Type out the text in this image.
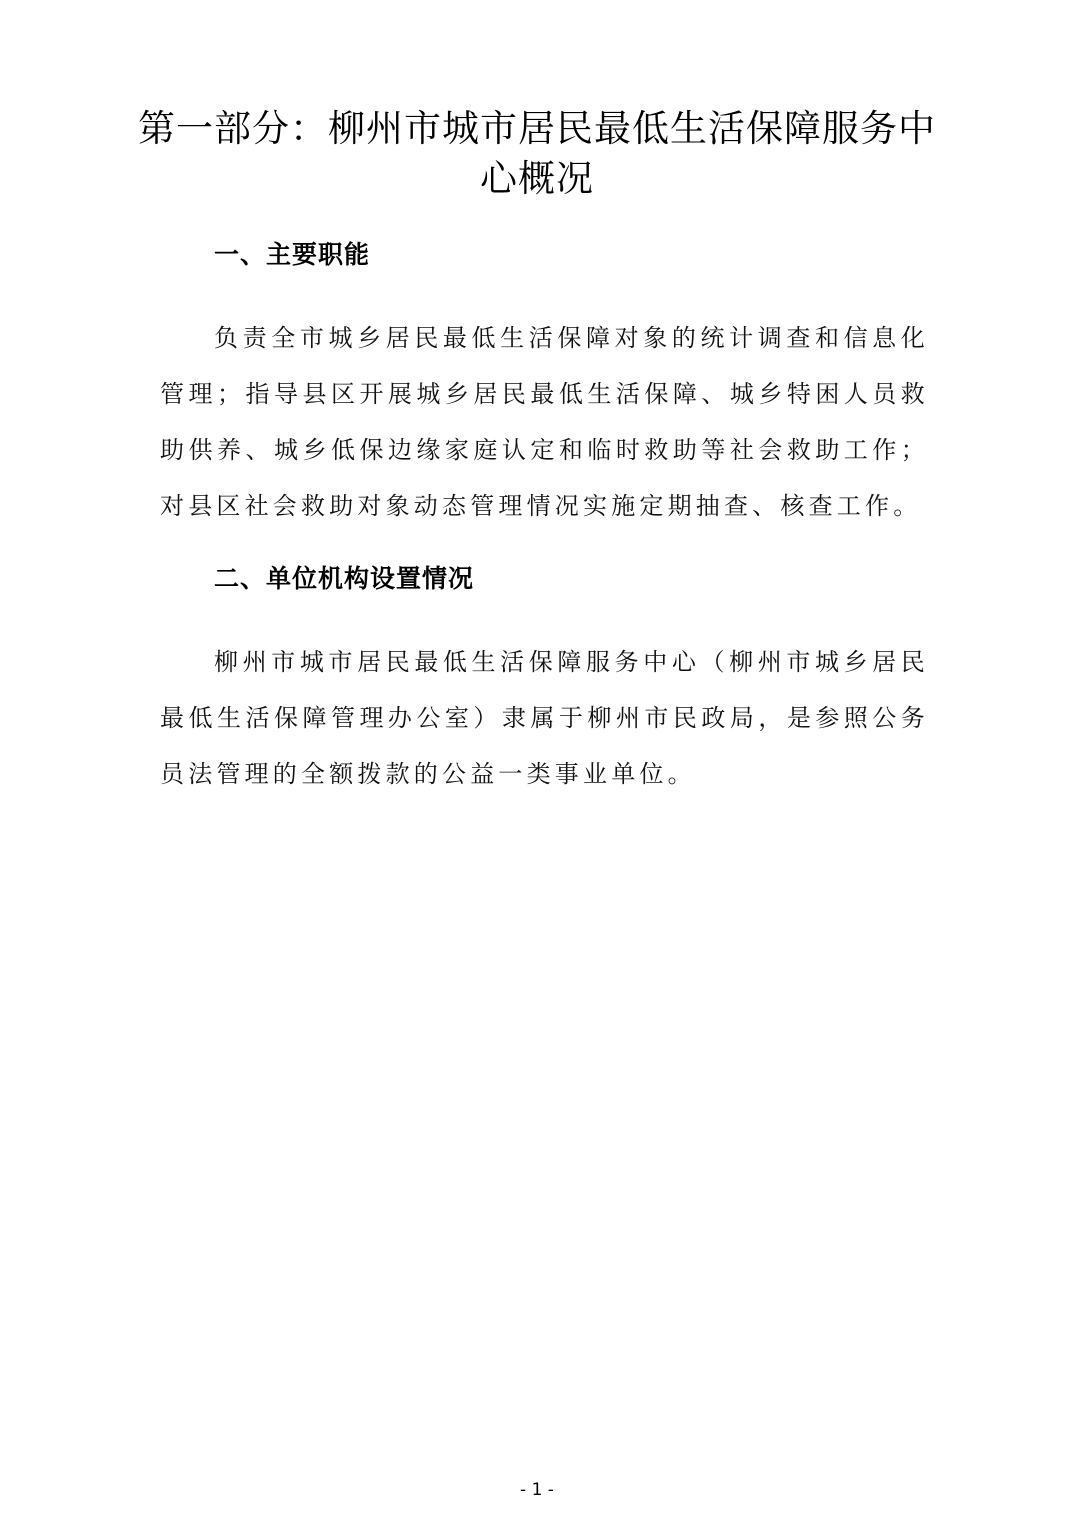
第一部分：柳州市城市居民最低生活保障服务中心概况
一、主要职能
负责全市城乡居民最低生活保障对象的统计调查和信息化管理；指导县区开展城乡居民最低生活保障、城乡特困人员救助供养、城乡低保边缘家庭认定和临时救助等社会救助工作；对县区社会救助对象动态管理情况实施定期抽查、核查工作。
二、单位机构设置情况
柳州市城市居民最低生活保障服务中心（柳州市城乡居民最低生活保障管理办公室）隶属于柳州市民政局，是参照公务员法管理的全额拨款的公益一类事业单位。
- 1 -
